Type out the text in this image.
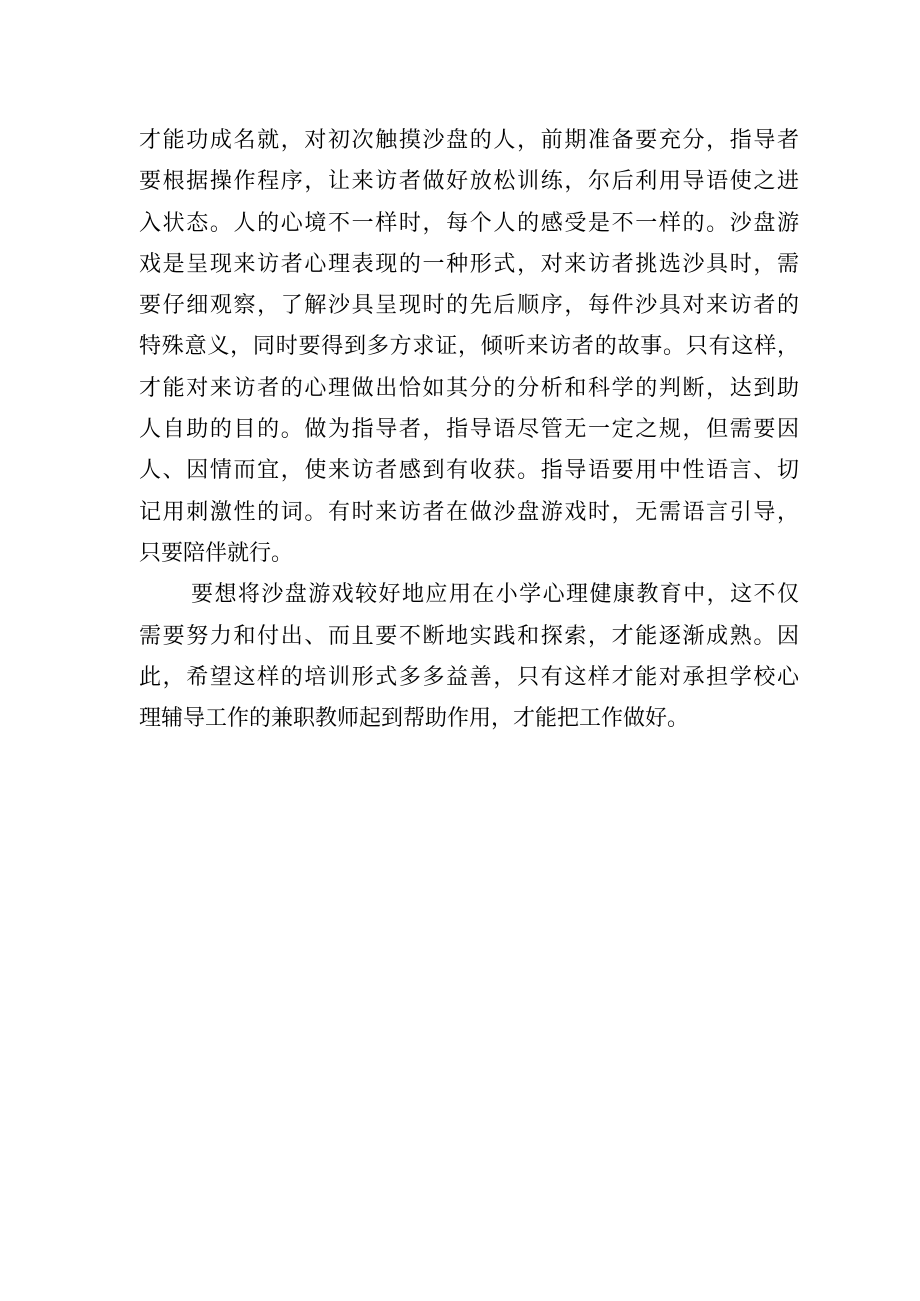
才能功成名就，对初次触摸沙盘的人，前期准备要充分，指导者
要根据操作程序，让来访者做好放松训练，尔后利用导语使之进
入状态。人的心境不一样时，每个人的感受是不一样的。沙盘游
戏是呈现来访者心理表现的一种形式，对来访者挑选沙具时，需
要仔细观察，了解沙具呈现时的先后顺序，每件沙具对来访者的
特殊意义，同时要得到多方求证，倾听来访者的故事。只有这样，
才能对来访者的心理做出恰如其分的分析和科学的判断，达到助
人自助的目的。做为指导者，指导语尽管无一定之规，但需要因
人、因情而宜，使来访者感到有收获。指导语要用中性语言、切
记用刺激性的词。有时来访者在做沙盘游戏时，无需语言引导，
只要陪伴就行。
要想将沙盘游戏较好地应用在小学心理健康教育中，这不仅
需要努力和付出、而且要不断地实践和探索，才能逐渐成熟。因
此，希望这样的培训形式多多益善，只有这样才能对承担学校心
理辅导工作的兼职教师起到帮助作用，才能把工作做好。
